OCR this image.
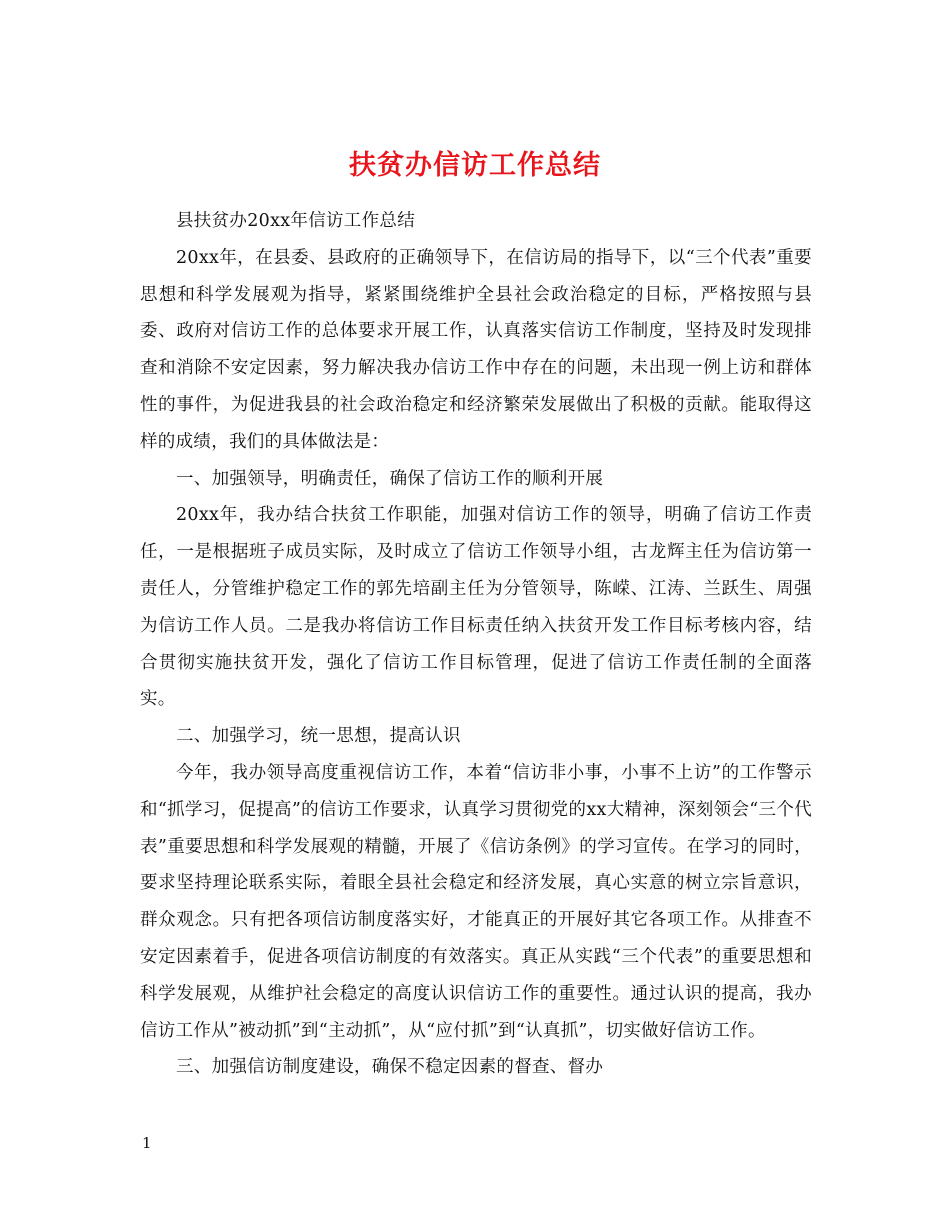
扶贫办信访工作总结

县扶贫办20xx年信访工作总结

20xx年，在县委、县政府的正确领导下，在信访局的指导下，以“三个代表”重要思想和科学发展观为指导，紧紧围绕维护全县社会政治稳定的目标，严格按照与县委、政府对信访工作的总体要求开展工作，认真落实信访工作制度，坚持及时发现排查和消除不安定因素，努力解决我办信访工作中存在的问题，未出现一例上访和群体性的事件，为促进我县的社会政治稳定和经济繁荣发展做出了积极的贡献。能取得这样的成绩，我们的具体做法是：

一、加强领导，明确责任，确保了信访工作的顺利开展

20xx年，我办结合扶贫工作职能，加强对信访工作的领导，明确了信访工作责任，一是根据班子成员实际，及时成立了信访工作领导小组，古龙辉主任为信访第一责任人，分管维护稳定工作的郭先培副主任为分管领导，陈嵘、江涛、兰跃生、周强为信访工作人员。二是我办将信访工作目标责任纳入扶贫开发工作目标考核内容，结合贯彻实施扶贫开发，强化了信访工作目标管理，促进了信访工作责任制的全面落实。

二、加强学习，统一思想，提高认识

今年，我办领导高度重视信访工作，本着“信访非小事，小事不上访”的工作警示和“抓学习，促提高”的信访工作要求，认真学习贯彻党的xx大精神，深刻领会“三个代表”重要思想和科学发展观的精髓，开展了《信访条例》的学习宣传。在学习的同时，要求坚持理论联系实际，着眼全县社会稳定和经济发展，真心实意的树立宗旨意识，群众观念。只有把各项信访制度落实好，才能真正的开展好其它各项工作。从排查不安定因素着手，促进各项信访制度的有效落实。真正从实践“三个代表”的重要思想和科学发展观，从维护社会稳定的高度认识信访工作的重要性。通过认识的提高，我办信访工作从”被动抓”到“主动抓”，从“应付抓”到“认真抓”，切实做好信访工作。

三、加强信访制度建设，确保不稳定因素的督查、督办

1
